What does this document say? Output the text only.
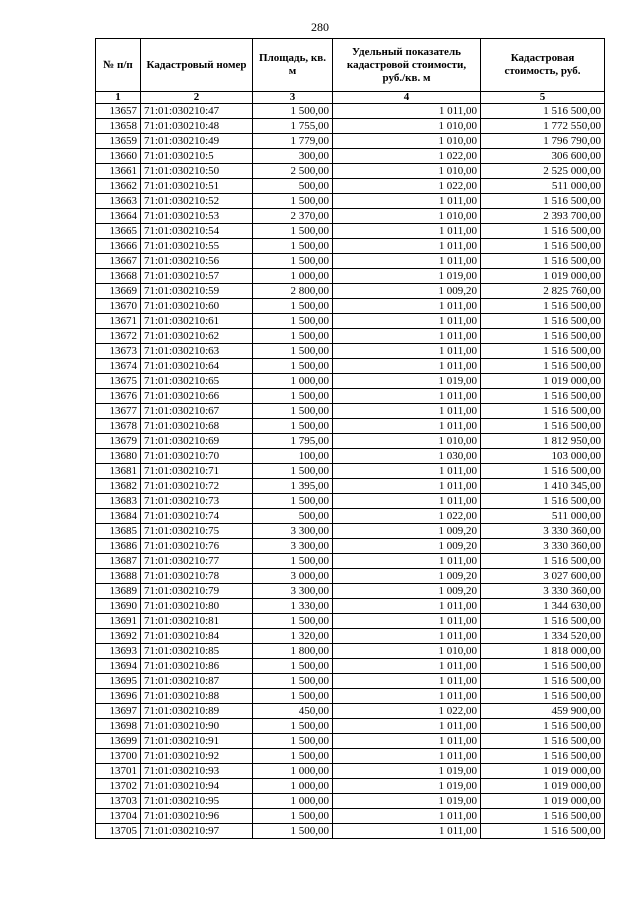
280
№ п/п	Кадастровый номер	Площадь, кв. м	Удельный показатель кадастровой стоимости, руб./кв. м	Кадастровая стоимость, руб.
1	2	3	4	5
13657	71:01:030210:47	1 500,00	1 011,00	1 516 500,00
13658	71:01:030210:48	1 755,00	1 010,00	1 772 550,00
13659	71:01:030210:49	1 779,00	1 010,00	1 796 790,00
13660	71:01:030210:5	300,00	1 022,00	306 600,00
13661	71:01:030210:50	2 500,00	1 010,00	2 525 000,00
13662	71:01:030210:51	500,00	1 022,00	511 000,00
13663	71:01:030210:52	1 500,00	1 011,00	1 516 500,00
13664	71:01:030210:53	2 370,00	1 010,00	2 393 700,00
13665	71:01:030210:54	1 500,00	1 011,00	1 516 500,00
13666	71:01:030210:55	1 500,00	1 011,00	1 516 500,00
13667	71:01:030210:56	1 500,00	1 011,00	1 516 500,00
13668	71:01:030210:57	1 000,00	1 019,00	1 019 000,00
13669	71:01:030210:59	2 800,00	1 009,20	2 825 760,00
13670	71:01:030210:60	1 500,00	1 011,00	1 516 500,00
13671	71:01:030210:61	1 500,00	1 011,00	1 516 500,00
13672	71:01:030210:62	1 500,00	1 011,00	1 516 500,00
13673	71:01:030210:63	1 500,00	1 011,00	1 516 500,00
13674	71:01:030210:64	1 500,00	1 011,00	1 516 500,00
13675	71:01:030210:65	1 000,00	1 019,00	1 019 000,00
13676	71:01:030210:66	1 500,00	1 011,00	1 516 500,00
13677	71:01:030210:67	1 500,00	1 011,00	1 516 500,00
13678	71:01:030210:68	1 500,00	1 011,00	1 516 500,00
13679	71:01:030210:69	1 795,00	1 010,00	1 812 950,00
13680	71:01:030210:70	100,00	1 030,00	103 000,00
13681	71:01:030210:71	1 500,00	1 011,00	1 516 500,00
13682	71:01:030210:72	1 395,00	1 011,00	1 410 345,00
13683	71:01:030210:73	1 500,00	1 011,00	1 516 500,00
13684	71:01:030210:74	500,00	1 022,00	511 000,00
13685	71:01:030210:75	3 300,00	1 009,20	3 330 360,00
13686	71:01:030210:76	3 300,00	1 009,20	3 330 360,00
13687	71:01:030210:77	1 500,00	1 011,00	1 516 500,00
13688	71:01:030210:78	3 000,00	1 009,20	3 027 600,00
13689	71:01:030210:79	3 300,00	1 009,20	3 330 360,00
13690	71:01:030210:80	1 330,00	1 011,00	1 344 630,00
13691	71:01:030210:81	1 500,00	1 011,00	1 516 500,00
13692	71:01:030210:84	1 320,00	1 011,00	1 334 520,00
13693	71:01:030210:85	1 800,00	1 010,00	1 818 000,00
13694	71:01:030210:86	1 500,00	1 011,00	1 516 500,00
13695	71:01:030210:87	1 500,00	1 011,00	1 516 500,00
13696	71:01:030210:88	1 500,00	1 011,00	1 516 500,00
13697	71:01:030210:89	450,00	1 022,00	459 900,00
13698	71:01:030210:90	1 500,00	1 011,00	1 516 500,00
13699	71:01:030210:91	1 500,00	1 011,00	1 516 500,00
13700	71:01:030210:92	1 500,00	1 011,00	1 516 500,00
13701	71:01:030210:93	1 000,00	1 019,00	1 019 000,00
13702	71:01:030210:94	1 000,00	1 019,00	1 019 000,00
13703	71:01:030210:95	1 000,00	1 019,00	1 019 000,00
13704	71:01:030210:96	1 500,00	1 011,00	1 516 500,00
13705	71:01:030210:97	1 500,00	1 011,00	1 516 500,00
